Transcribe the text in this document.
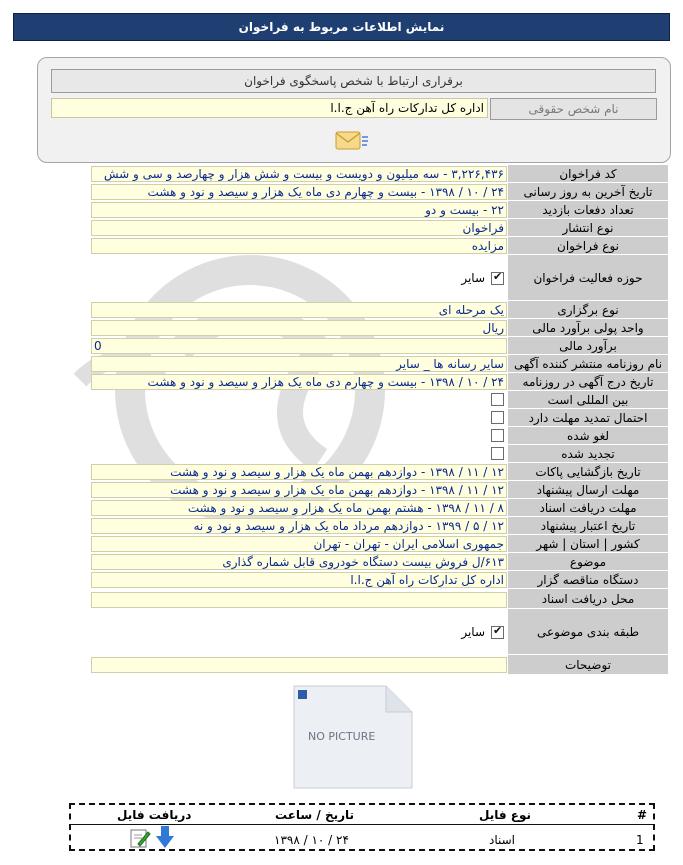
نمایش اطلاعات مربوط به فراخوان
برقراری ارتباط با شخص پاسخگوی فراخوان
نام شخص حقوقی
اداره کل تدارکات راه آهن ج.ا.ا
کد فراخوان
۳,۲۲۶,۴۳۶ - سه میلیون و دویست و بیست و شش هزار و چهارصد و سی و شش
تاریخ آخرین به روز رسانی
۲۴ / ۱۰ / ۱۳۹۸ - بیست و چهارم دی ماه یک هزار و سیصد و نود و هشت
تعداد دفعات بازدید
۲۲ - بیست و دو
نوع انتشار
فراخوان
نوع فراخوان
مزایده
حوزه فعالیت فراخوان
✔
سایر
نوع برگزاری
یک مرحله ای
واحد پولی برآورد مالی
ریال
برآورد مالی
0
نام روزنامه منتشر کننده آگهی
سایر رسانه ها _ سایر
تاریخ درج آگهی در روزنامه
۲۴ / ۱۰ / ۱۳۹۸ - بیست و چهارم دی ماه یک هزار و سیصد و نود و هشت
بین المللی است
احتمال تمدید مهلت دارد
لغو شده
تجدید شده
تاریخ بازگشایی پاکات
۱۲ / ۱۱ / ۱۳۹۸ - دوازدهم بهمن ماه یک هزار و سیصد و نود و هشت
مهلت ارسال پیشنهاد
۱۲ / ۱۱ / ۱۳۹۸ - دوازدهم بهمن ماه یک هزار و سیصد و نود و هشت
مهلت دریافت اسناد
۸ / ۱۱ / ۱۳۹۸ - هشتم بهمن ماه یک هزار و سیصد و نود و هشت
تاریخ اعتبار پیشنهاد
۱۲ / ۵ / ۱۳۹۹ - دوازدهم مرداد ماه یک هزار و سیصد و نود و نه
کشور | استان | شهر
جمهوری اسلامی ایران - تهران - تهران
موضوع
۶۱۳/ل فروش بیست دستگاه خودروی قابل شماره گذاری
دستگاه مناقصه گزار
اداره کل تدارکات راه آهن ج.ا.ا
محل دریافت اسناد
طبقه بندی موضوعی
✔
سایر
توضیحات
NO PICTURE
#
نوع فایل
تاریخ / ساعت
دریافت فایل
1
اسناد
۲۴ / ۱۰ / ۱۳۹۸
